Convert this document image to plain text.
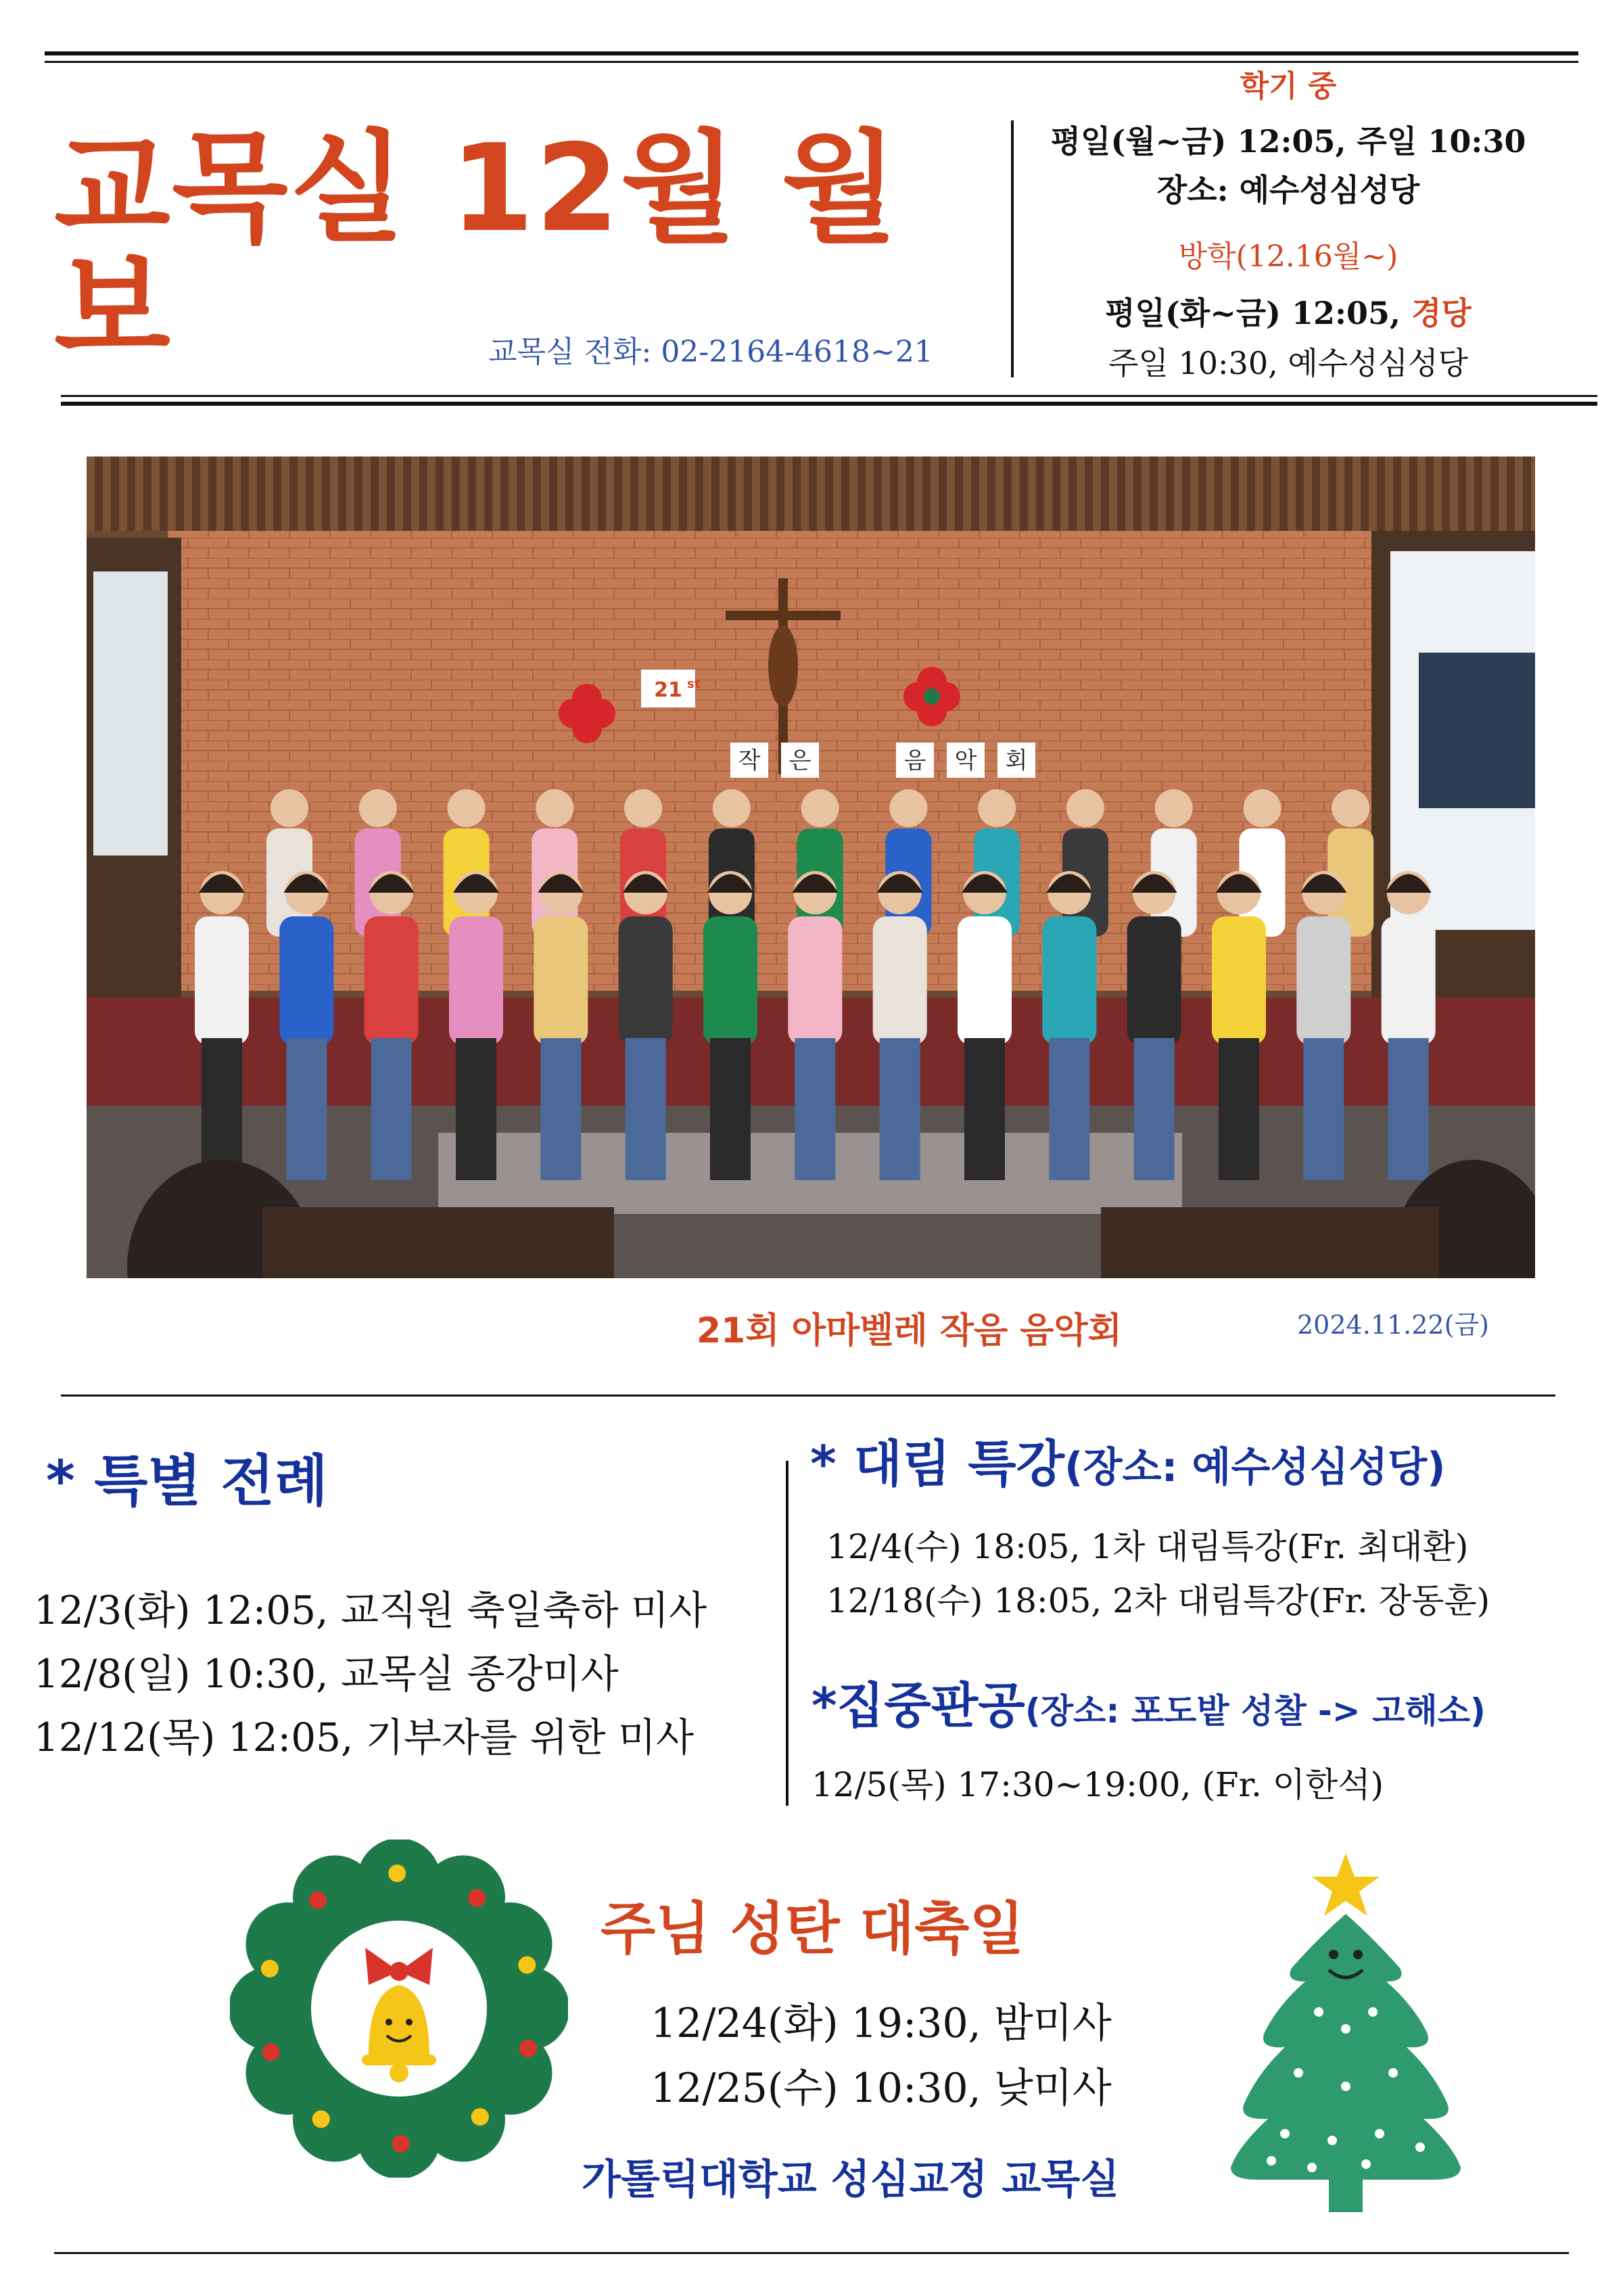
교목실 12월 월보	교목실 전화: 02-2164-4618~21
학기 중
평일(월~금) 12:05, 주일 10:30
장소: 예수성심성당
방학(12.16월~)
평일(화~금) 12:05, 경당
주일 10:30, 예수성심성당
21 st
작 은	음 악 회
21회 아마벨레 작음 음악회	2024.11.22(금)
* 특별 전례
12/3(화) 12:05, 교직원 축일축하 미사
12/8(일) 10:30, 교목실 종강미사
12/12(목) 12:05, 기부자를 위한 미사
* 대림 특강(장소: 예수성심성당)
12/4(수) 18:05, 1차 대림특강(Fr. 최대환)
12/18(수) 18:05, 2차 대림특강(Fr. 장동훈)
*집중판공(장소: 포도밭 성찰 -> 고해소)
12/5(목) 17:30~19:00, (Fr. 이한석)
주님 성탄 대축일
12/24(화) 19:30, 밤미사
12/25(수) 10:30, 낮미사
가톨릭대학교 성심교정 교목실
